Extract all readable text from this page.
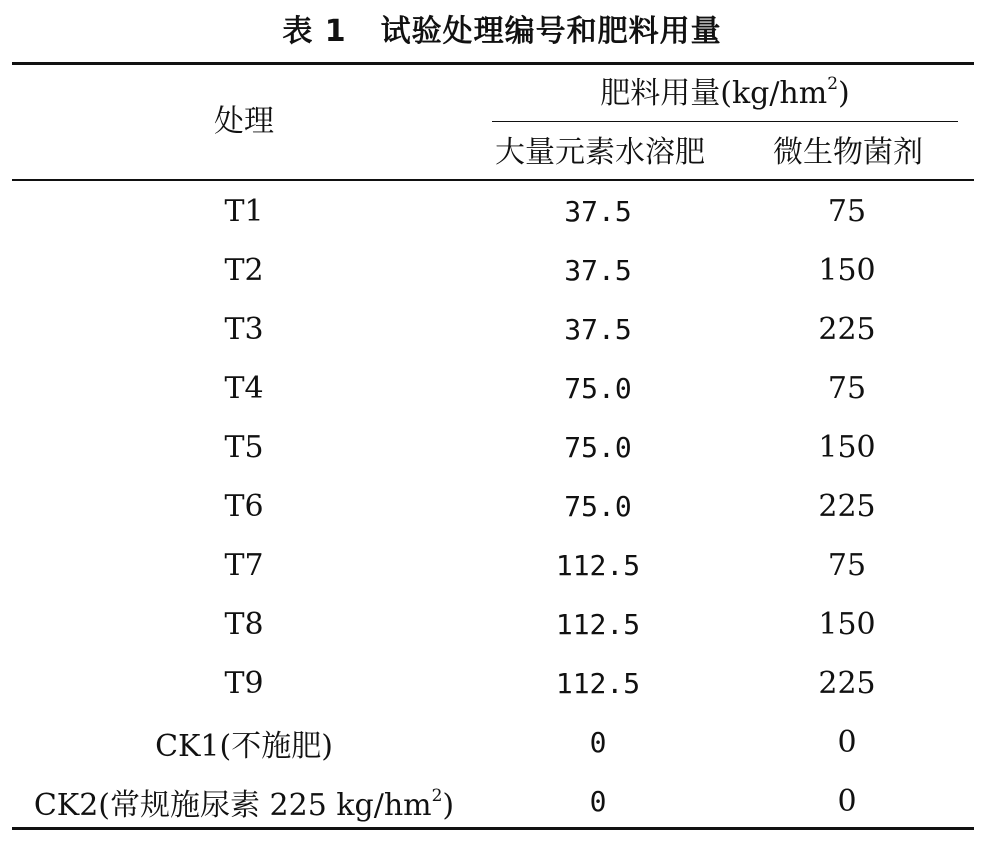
表 1 试验处理编号和肥料用量
处理
肥料用量$(kg/hm^2)$
大量元素水溶肥	微生物菌剂
T1	37.5	75
T2	37.5	150
T3	37.5	225
T4	75.0	75
T5	75.0	150
T6	75.0	225
T7	112.5	75
T8	112.5	150
T9	112.5	225
CK1(不施肥)	0	0
CK2(常规施尿素 225 $kg/hm^2$)	0	0
